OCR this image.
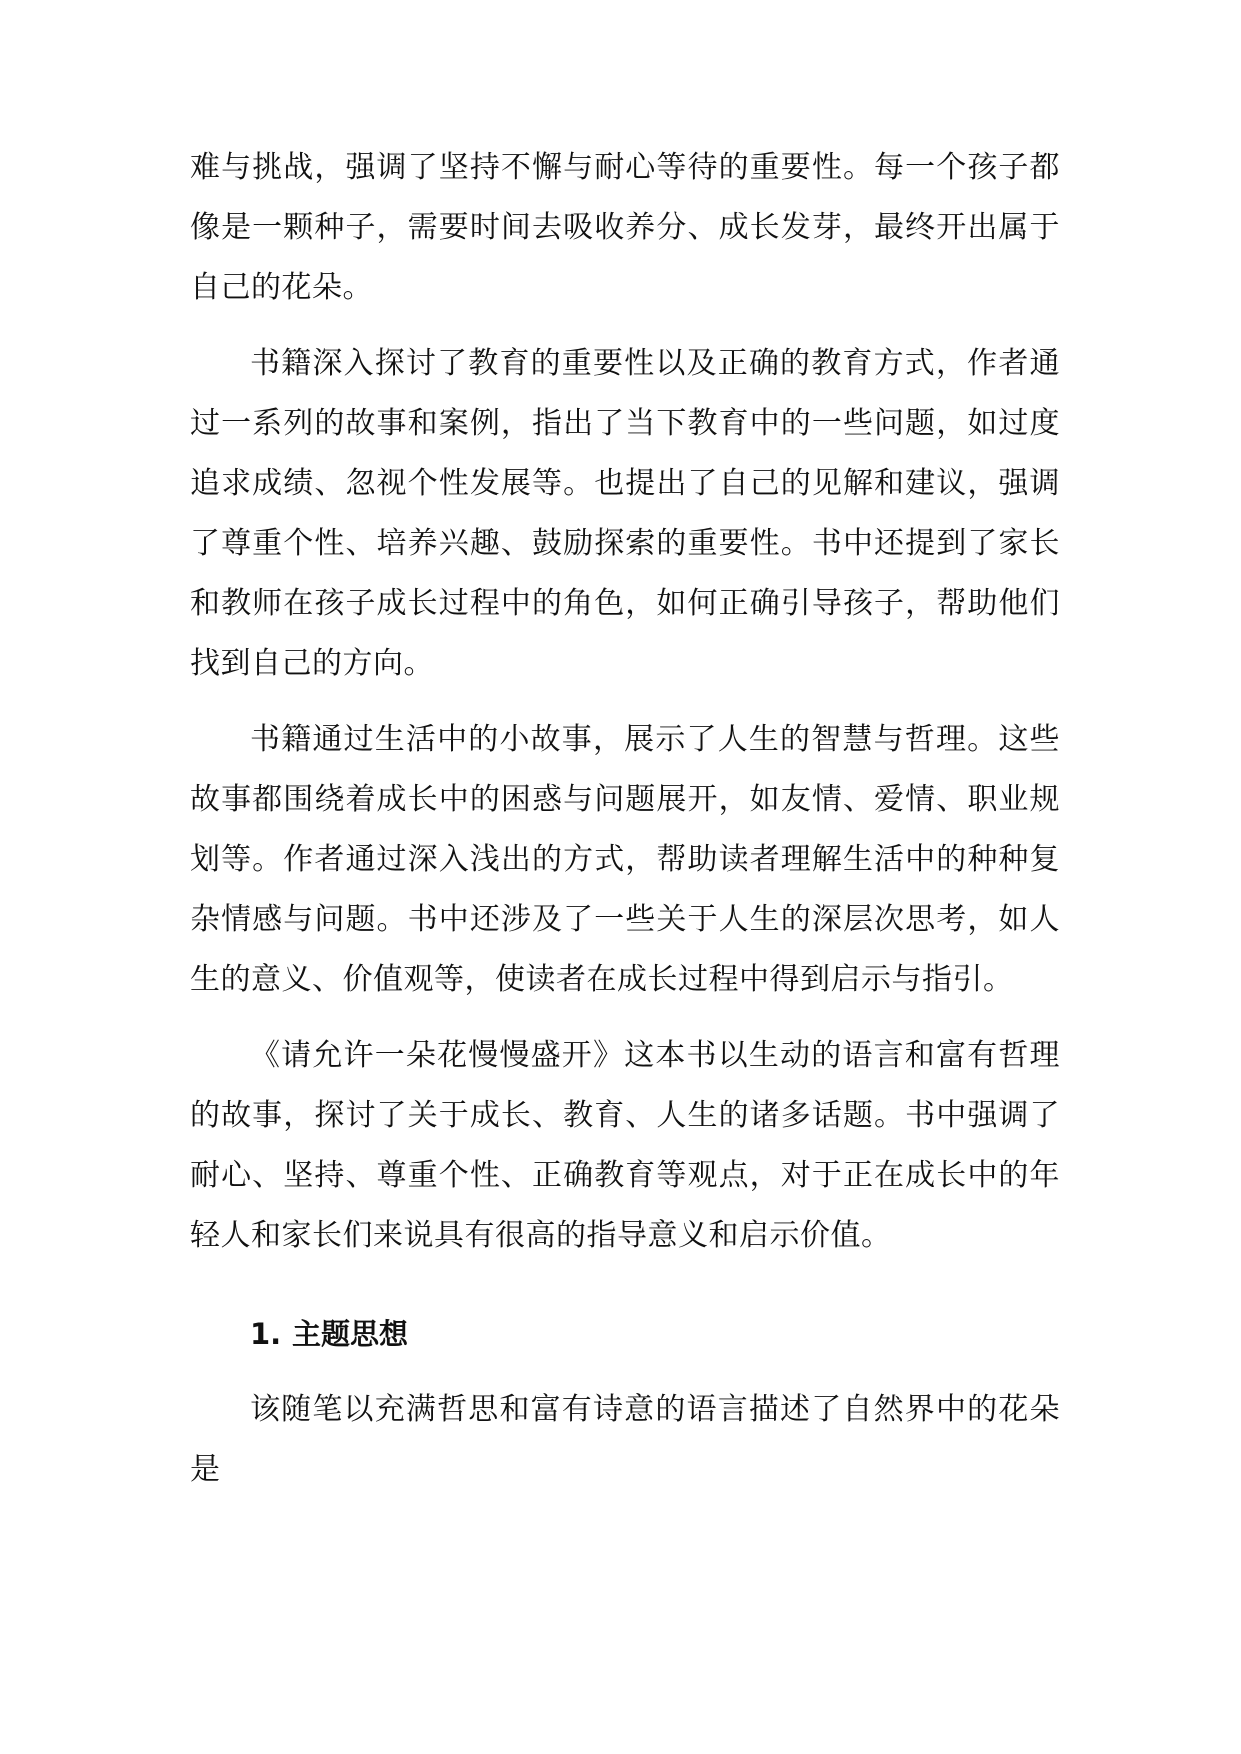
难与挑战，强调了坚持不懈与耐心等待的重要性。每一个孩子都像是一颗种子，需要时间去吸收养分、成长发芽，最终开出属于自己的花朵。

书籍深入探讨了教育的重要性以及正确的教育方式，作者通过一系列的故事和案例，指出了当下教育中的一些问题，如过度追求成绩、忽视个性发展等。也提出了自己的见解和建议，强调了尊重个性、培养兴趣、鼓励探索的重要性。书中还提到了家长和教师在孩子成长过程中的角色，如何正确引导孩子，帮助他们找到自己的方向。

书籍通过生活中的小故事，展示了人生的智慧与哲理。这些故事都围绕着成长中的困惑与问题展开，如友情、爱情、职业规划等。作者通过深入浅出的方式，帮助读者理解生活中的种种复杂情感与问题。书中还涉及了一些关于人生的深层次思考，如人生的意义、价值观等，使读者在成长过程中得到启示与指引。

《请允许一朵花慢慢盛开》这本书以生动的语言和富有哲理的故事，探讨了关于成长、教育、人生的诸多话题。书中强调了耐心、坚持、尊重个性、正确教育等观点，对于正在成长中的年轻人和家长们来说具有很高的指导意义和启示价值。

1. 主题思想

该随笔以充满哲思和富有诗意的语言描述了自然界中的花朵是
